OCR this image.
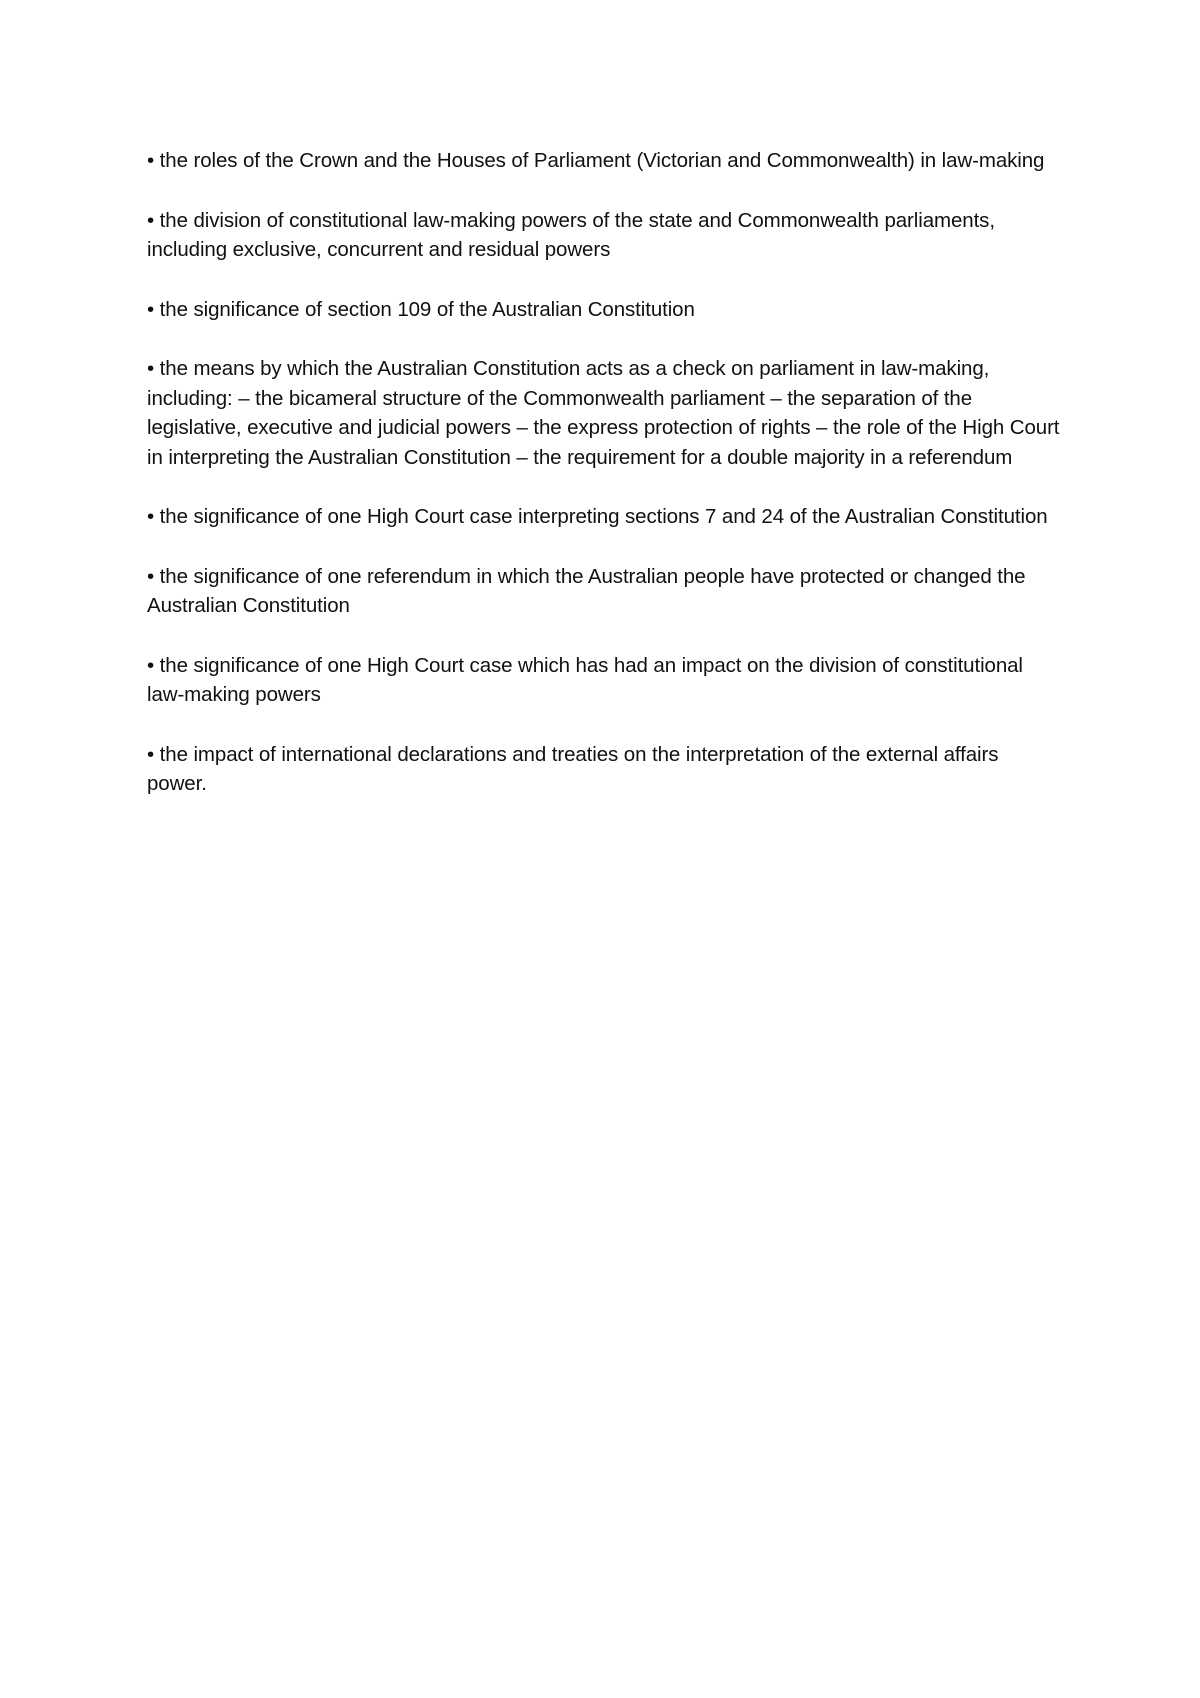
• the roles of the Crown and the Houses of Parliament (Victorian and Commonwealth) in law-making

• the division of constitutional law-making powers of the state and Commonwealth parliaments, including exclusive, concurrent and residual powers

• the significance of section 109 of the Australian Constitution

• the means by which the Australian Constitution acts as a check on parliament in law-making, including: – the bicameral structure of the Commonwealth parliament – the separation of the legislative, executive and judicial powers – the express protection of rights – the role of the High Court in interpreting the Australian Constitution – the requirement for a double majority in a referendum

• the significance of one High Court case interpreting sections 7 and 24 of the Australian Constitution

• the significance of one referendum in which the Australian people have protected or changed the Australian Constitution

• the significance of one High Court case which has had an impact on the division of constitutional law-making powers

• the impact of international declarations and treaties on the interpretation of the external affairs power.
